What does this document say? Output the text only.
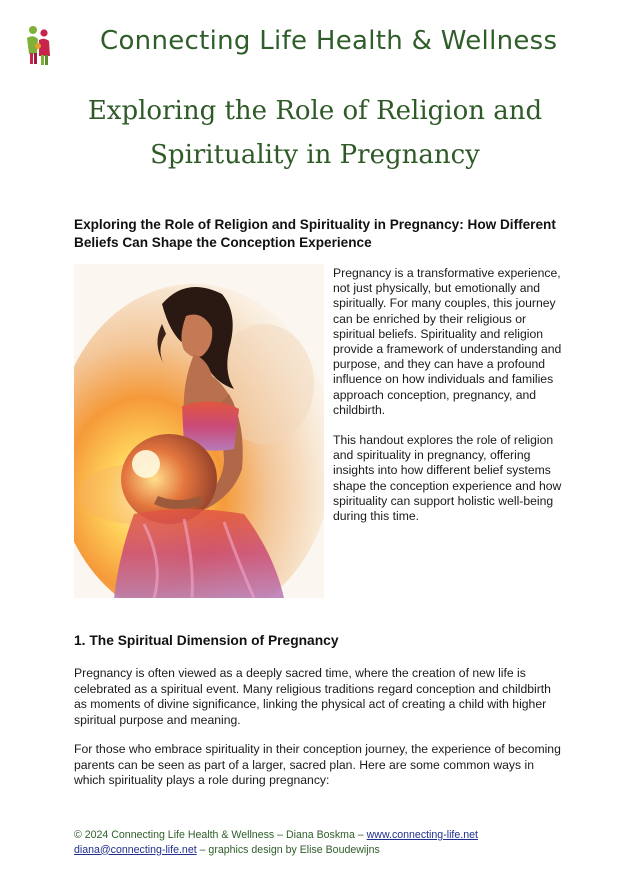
Connecting Life Health & Wellness
Exploring the Role of Religion and
Spirituality in Pregnancy
Exploring the Role of Religion and Spirituality in Pregnancy: How Different Beliefs Can Shape the Conception Experience

Pregnancy is a transformative experience, not just physically, but emotionally and spiritually. For many couples, this journey can be enriched by their religious or spiritual beliefs. Spirituality and religion provide a framework of understanding and purpose, and they can have a profound influence on how individuals and families approach conception, pregnancy, and childbirth.

This handout explores the role of religion and spirituality in pregnancy, offering insights into how different belief systems shape the conception experience and how spirituality can support holistic well-being during this time.

1. The Spiritual Dimension of Pregnancy
Pregnancy is often viewed as a deeply sacred time, where the creation of new life is celebrated as a spiritual event. Many religious traditions regard conception and childbirth as moments of divine significance, linking the physical act of creating a child with higher spiritual purpose and meaning.
For those who embrace spirituality in their conception journey, the experience of becoming parents can be seen as part of a larger, sacred plan. Here are some common ways in which spirituality plays a role during pregnancy:
© 2024 Connecting Life Health & Wellness – Diana Boskma – www.connecting-life.net
diana@connecting-life.net – graphics design by Elise Boudewijns
